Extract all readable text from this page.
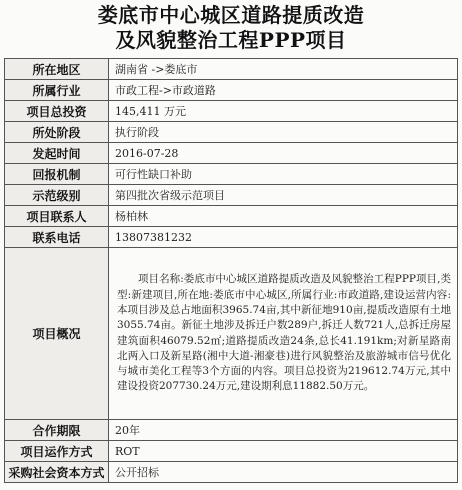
娄底市中心城区道路提质改造
及风貌整治工程PPP项目
所在地区	湖南省 ->娄底市
所属行业	市政工程->市政道路
项目总投资	145,411 万元
所处阶段	执行阶段
发起时间	2016-07-28
回报机制	可行性缺口补助
示范级别	第四批次省级示范项目
项目联系人	杨柏林
联系电话	13807381232
项目概况	项目名称:娄底市中心城区道路提质改造及风貌整治工程PPP项目,类型:新建项目,所在地:娄底市中心城区,所属行业:市政道路,建设运营内容:本项目涉及总占地面积3965.74亩,其中新征地910亩,提质改造原有土地3055.74亩。新征土地涉及拆迁户数289户,拆迁人数721人,总拆迁房屋建筑面积46079.52㎡;道路提质改造24条,总长41.191km;对新星路南北两入口及新星路(湘中大道-湘豪巷)进行风貌整治及旅游城市信号优化与城市美化工程等3个方面的内容。项目总投资为219612.74万元,其中建设投资207730.24万元,建设期利息11882.50万元。
合作期限	20年
项目运作方式	ROT
采购社会资本方式	公开招标
